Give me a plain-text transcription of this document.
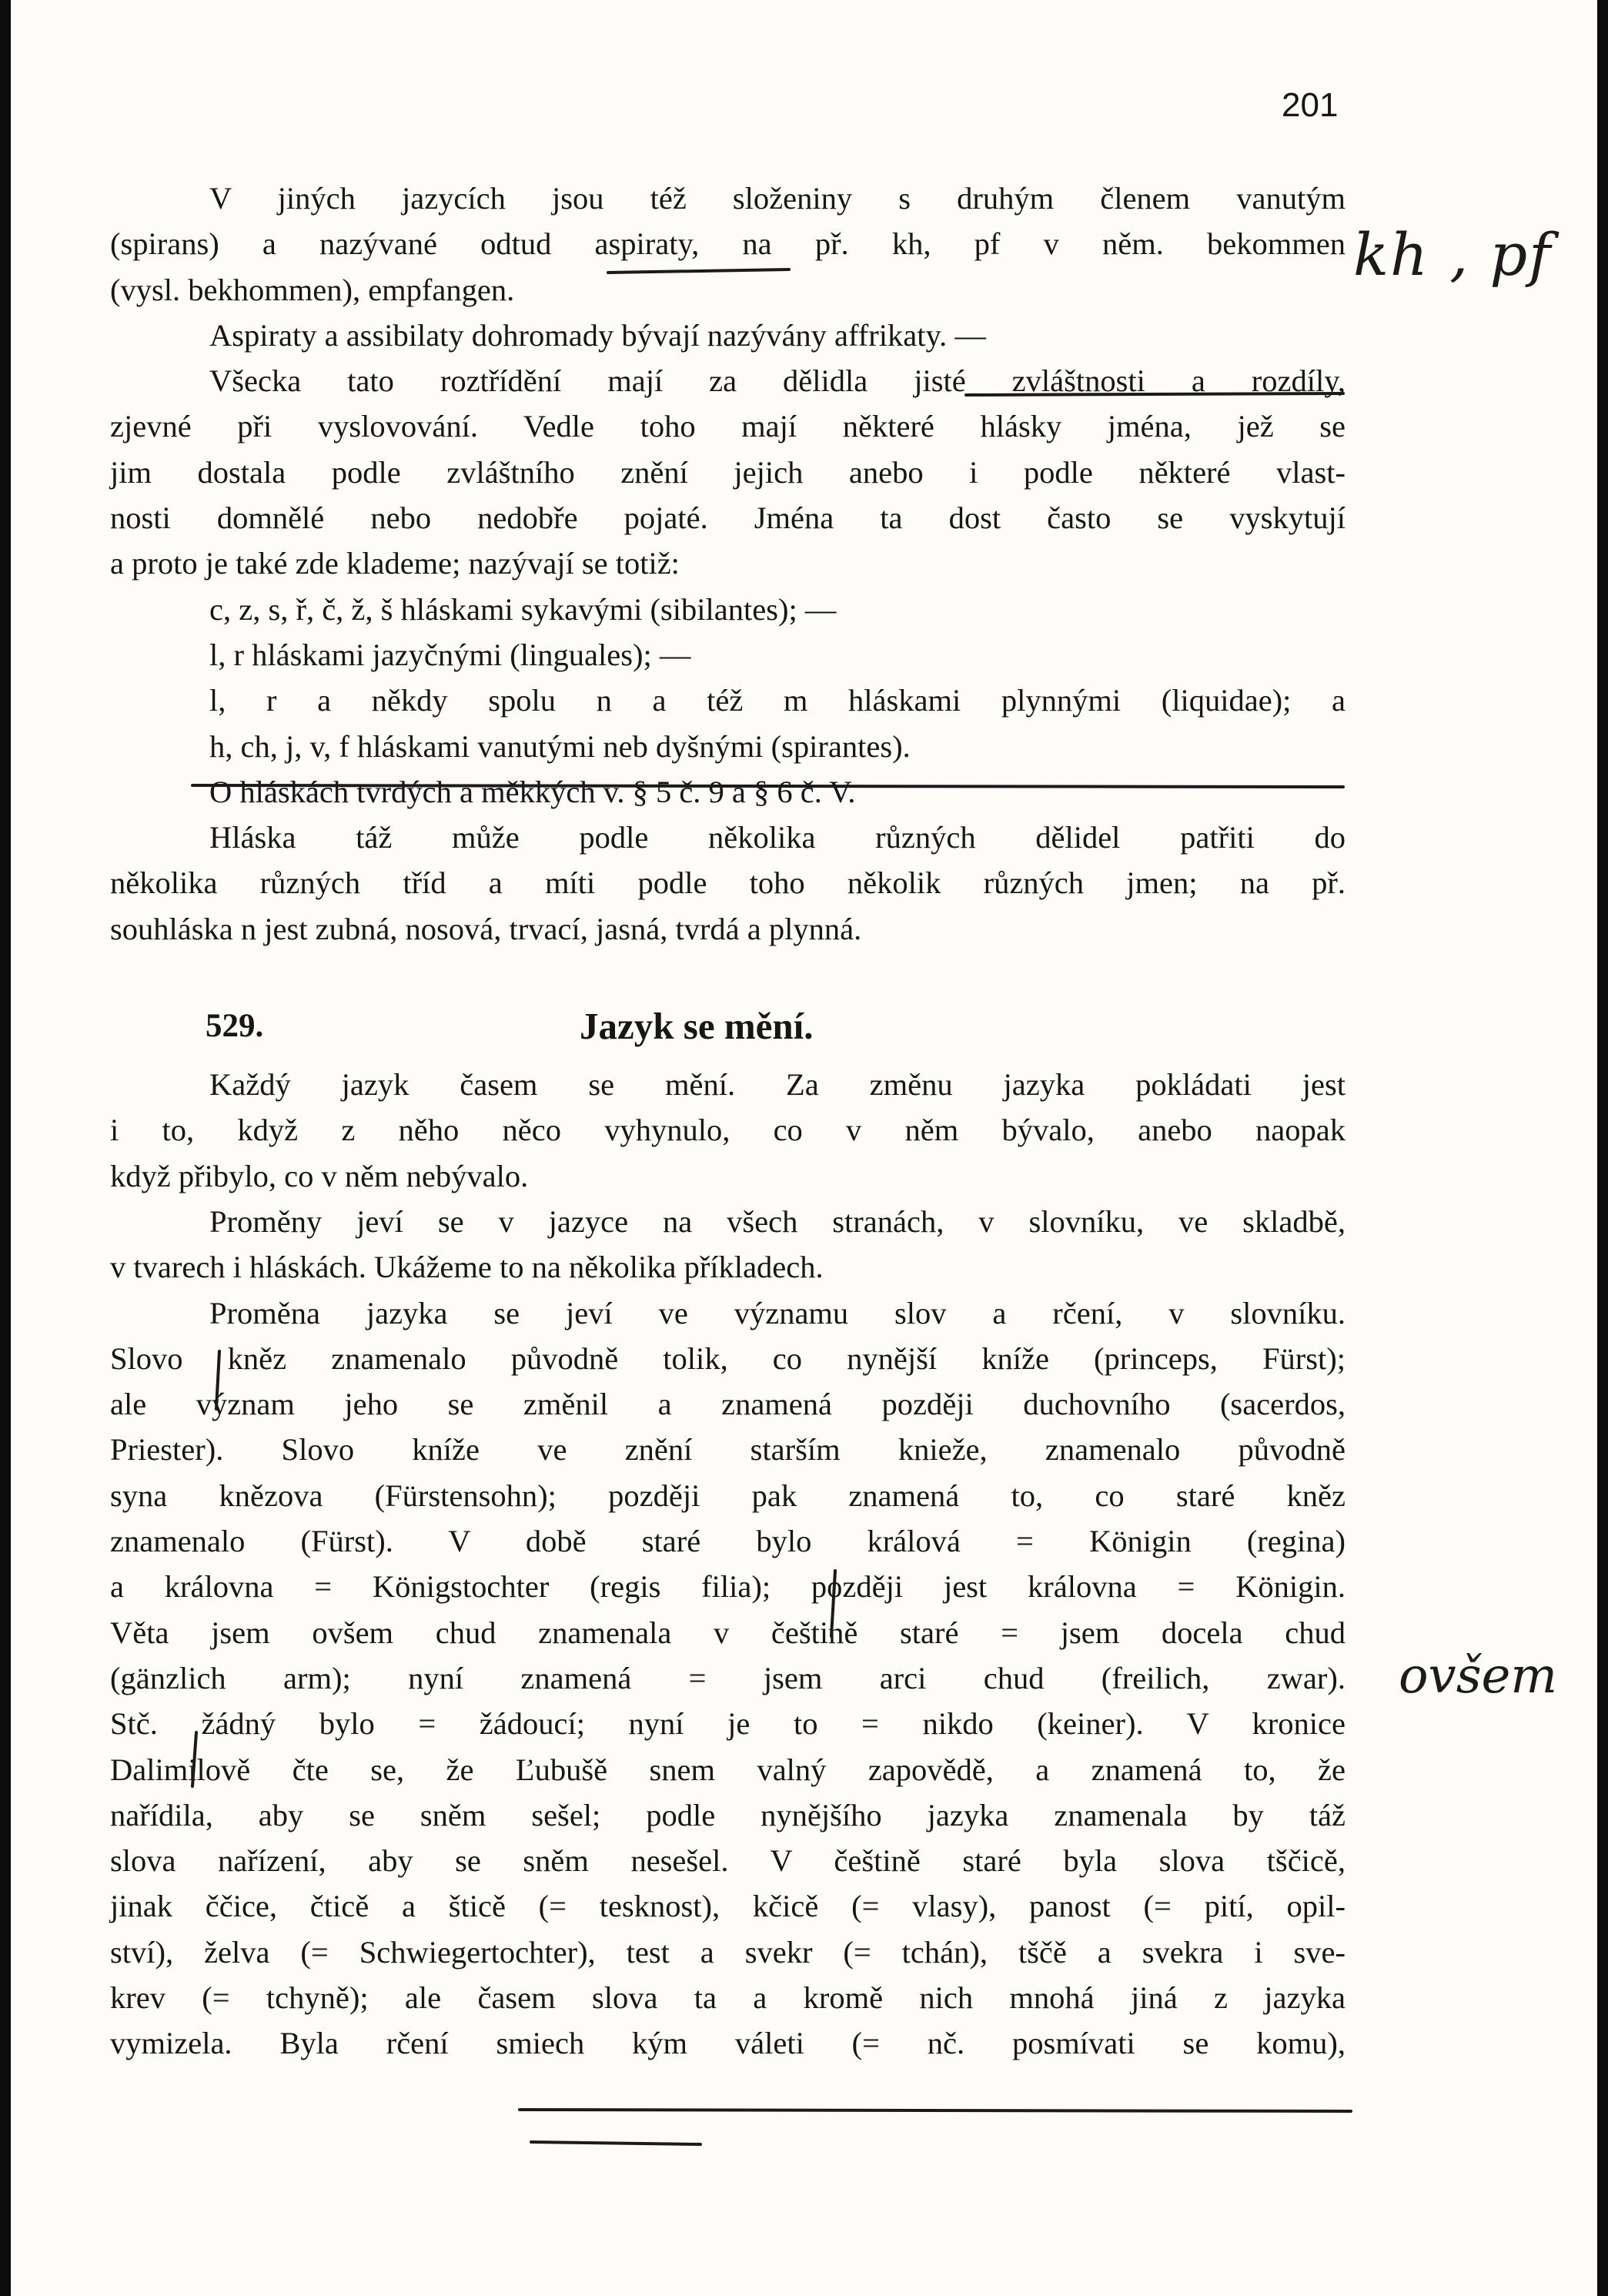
201

V jiných jazycích jsou též složeniny s druhým členem vanutým

(spirans) a nazývané odtud aspiraty, na př. kh, pf v něm. bekommen

(vysl. bekhommen), empfangen.

Aspiraty a assibilaty dohromady bývají nazývány affrikaty. —

Všecka tato roztřídění mají za dělidla jisté zvláštnosti a rozdíly,

zjevné při vyslovování. Vedle toho mají některé hlásky jména, jež se

jim dostala podle zvláštního znění jejich anebo i podle některé vlast-

nosti domnělé nebo nedobře pojaté. Jména ta dost často se vyskytují

a proto je také zde klademe; nazývají se totiž:

c, z, s, ř, č, ž, š hláskami sykavými (sibilantes); —

l, r hláskami jazyčnými (linguales); —

l, r a někdy spolu n a též m hláskami plynnými (liquidae); a

h, ch, j, v, f hláskami vanutými neb dyšnými (spirantes).

O hláskách tvrdých a měkkých v. § 5 č. 9 a § 6 č. V.

Hláska táž může podle několika různých dělidel patřiti do

několika různých tříd a míti podle toho několik různých jmen; na př.

souhláska n jest zubná, nosová, trvací, jasná, tvrdá a plynná.

529.	Jazyk se mění.

Každý jazyk časem se mění. Za změnu jazyka pokládati jest

i to, když z něho něco vyhynulo, co v něm bývalo, anebo naopak

když přibylo, co v něm nebývalo.

Proměny jeví se v jazyce na všech stranách, v slovníku, ve skladbě,

v tvarech i hláskách. Ukážeme to na několika příkladech.

Proměna jazyka se jeví ve významu slov a rčení, v slovníku.

Slovo kněz znamenalo původně tolik, co nynější kníže (princeps, Fürst);

ale význam jeho se změnil a znamená později duchovního (sacerdos,

Priester). Slovo kníže ve znění starším knieže, znamenalo původně

syna knězova (Fürstensohn); později pak znamená to, co staré kněz

znamenalo (Fürst). V době staré bylo králová = Königin (regina)

a královna = Königstochter (regis filia); později jest královna = Königin.

Věta jsem ovšem chud znamenala v češtině staré = jsem docela chud

(gänzlich arm); nyní znamená = jsem arci chud (freilich, zwar).

Stč. žádný bylo = žádoucí; nyní je to = nikdo (keiner). V kronice

Dalimilově čte se, že Ľubušě snem valný zapovědě, a znamená to, že

nařídila, aby se sněm sešel; podle nynějšího jazyka znamenala by táž

slova nařízení, aby se sněm nesešel. V češtině staré byla slova tščicě,

jinak ččice, čticě a šticě (= tesknost), kčicě (= vlasy), panost (= pití, opil-

ství), želva (= Schwiegertochter), test a svekr (= tchán), tščě a svekra i sve-

krev (= tchyně); ale časem slova ta a kromě nich mnohá jiná z jazyka

vymizela. Byla rčení smiech kým váleti (= nč. posmívati se komu),

kh , pf
ovšem
